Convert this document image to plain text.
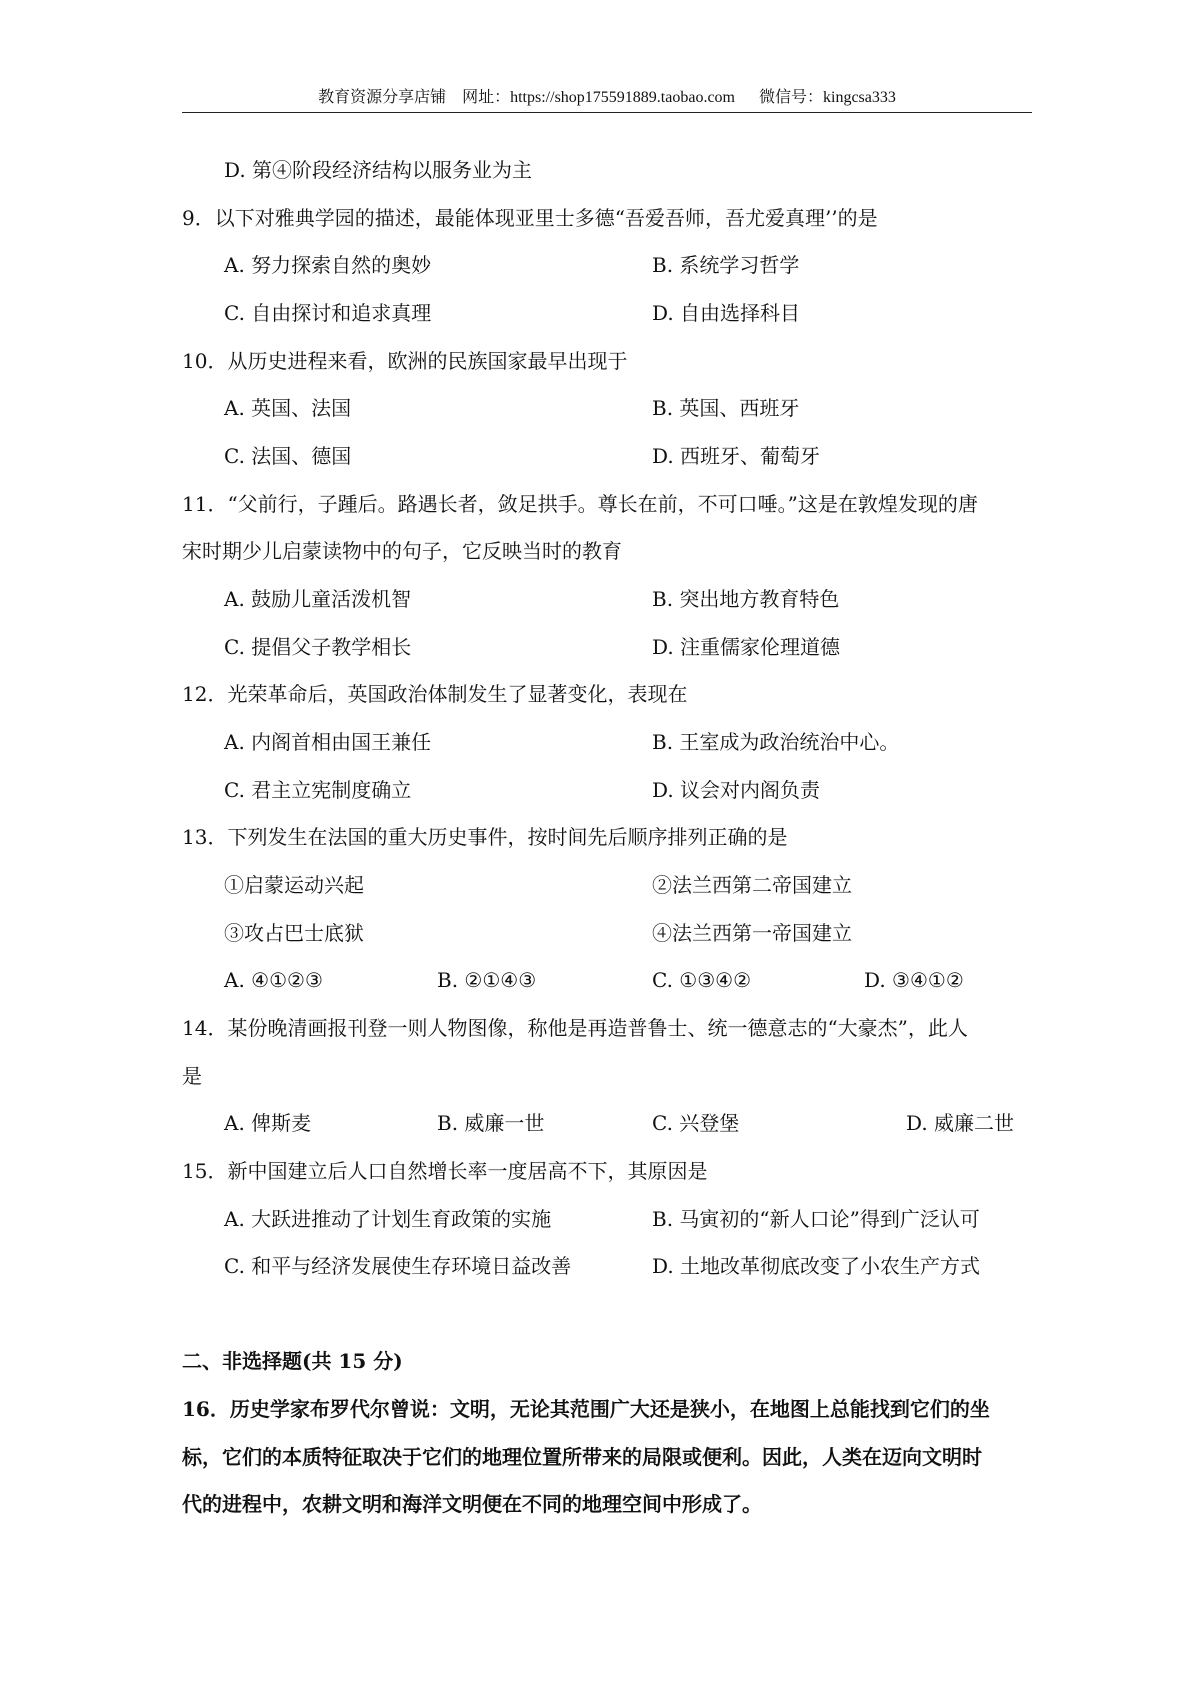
教育资源分享店铺 网址：https://shop175591889.taobao.com 微信号：kingcsa333
D. 第④阶段经济结构以服务业为主
9．以下对雅典学园的描述，最能体现亚里士多德“吾爱吾师，吾尤爱真理’’的是
A. 努力探索自然的奥妙	B. 系统学习哲学
C. 自由探讨和追求真理	D. 自由选择科目
10．从历史进程来看，欧洲的民族国家最早出现于
A. 英国、法国	B. 英国、西班牙
C. 法国、德国	D. 西班牙、葡萄牙
11．“父前行，子踵后。路遇长者，敛足拱手。尊长在前，不可口唾。”这是在敦煌发现的唐
宋时期少儿启蒙读物中的句子，它反映当时的教育
A. 鼓励儿童活泼机智	B. 突出地方教育特色
C. 提倡父子教学相长	D. 注重儒家伦理道德
12．光荣革命后，英国政治体制发生了显著变化，表现在
A. 内阁首相由国王兼任	B. 王室成为政治统治中心。
C. 君主立宪制度确立	D. 议会对内阁负责
13．下列发生在法国的重大历史事件，按时间先后顺序排列正确的是
①启蒙运动兴起	②法兰西第二帝国建立
③攻占巴士底狱	④法兰西第一帝国建立
A. ④①②③	B. ②①④③	C. ①③④②	D. ③④①②
14．某份晚清画报刊登一则人物图像，称他是再造普鲁士、统一德意志的“大豪杰”，此人
是
A. 俾斯麦	B. 威廉一世	C. 兴登堡	D. 威廉二世
15．新中国建立后人口自然增长率一度居高不下，其原因是
A. 大跃进推动了计划生育政策的实施	B. 马寅初的“新人口论”得到广泛认可
C. 和平与经济发展使生存环境日益改善	D. 土地改革彻底改变了小农生产方式
二、非选择题(共 15 分)
16．历史学家布罗代尔曾说：文明，无论其范围广大还是狭小，在地图上总能找到它们的坐
标，它们的本质特征取决于它们的地理位置所带来的局限或便利。因此，人类在迈向文明时
代的进程中，农耕文明和海洋文明便在不同的地理空间中形成了。
